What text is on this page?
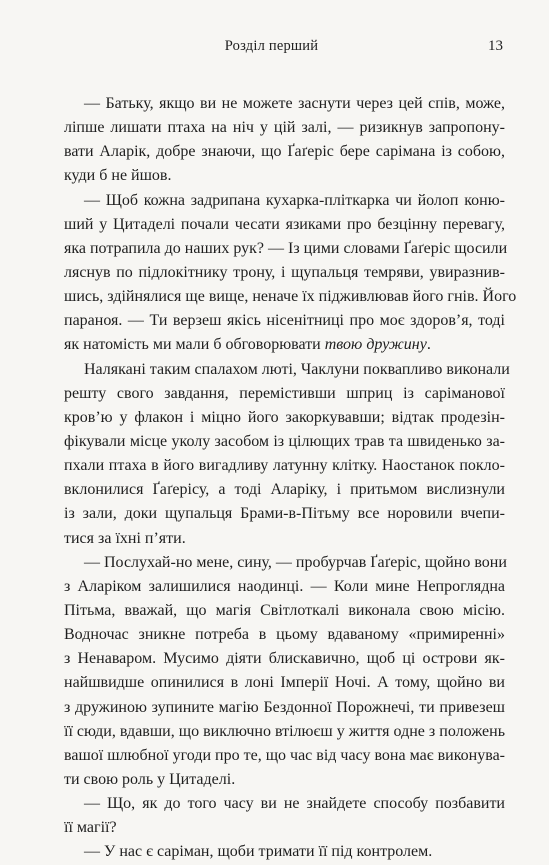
Розділ перший	13
— Батьку, якщо ви не можете заснути через цей спів, може,
ліпше лишати птаха на ніч у цій залі, — ризикнув запропону-
вати Аларік, добре знаючи, що Ґаґеріс бере сарімана із собою,
куди б не йшов.
— Щоб кожна задрипана кухарка-пліткарка чи йолоп коню-
ший у Цитаделі почали чесати язиками про безцінну перевагу,
яка потрапила до наших рук? — Із цими словами Ґаґеріс щосили
ляснув по підлокітнику трону, і щупальця темряви, увиразнив-
шись, здійнялися ще вище, неначе їх підживлював його гнів. Його
параноя. — Ти верзеш якісь нісенітниці про моє здоров’я, тоді
як натомість ми мали б обговорювати твою дружину.
Налякані таким спалахом люті, Чаклуни поквапливо виконали
решту свого завдання, перемістивши шприц із саріманової
кров’ю у флакон і міцно його закоркувавши; відтак продезін-
фікували місце уколу засобом із цілющих трав та швиденько за-
пхали птаха в його вигадливу латунну клітку. Наостанок покло-
вклонилися Ґаґерісу, а тоді Аларіку, і притьмом вислизнули
із зали, доки щупальця Брами-в-Пітьму все норовили вчепи-
тися за їхні п’яти.
— Послухай-но мене, сину, — пробурчав Ґаґеріс, щойно вони
з Аларіком залишилися наодинці. — Коли мине Непроглядна
Пітьма, вважай, що магія Світлоткалі виконала свою місію.
Водночас зникне потреба в цьому вдаваному «примиренні»
з Ненаваром. Мусимо діяти блискавично, щоб ці острови як-
найшвидше опинилися в лоні Імперії Ночі. А тому, щойно ви
з дружиною зупините магію Бездонної Порожнечі, ти привезеш
її сюди, вдавши, що виключно втілюєш у життя одне з положень
вашої шлюбної угоди про те, що час від часу вона має виконува-
ти свою роль у Цитаделі.
— Що, як до того часу ви не знайдете способу позбавити
її магії?
— У нас є саріман, щоби тримати її під контролем.
